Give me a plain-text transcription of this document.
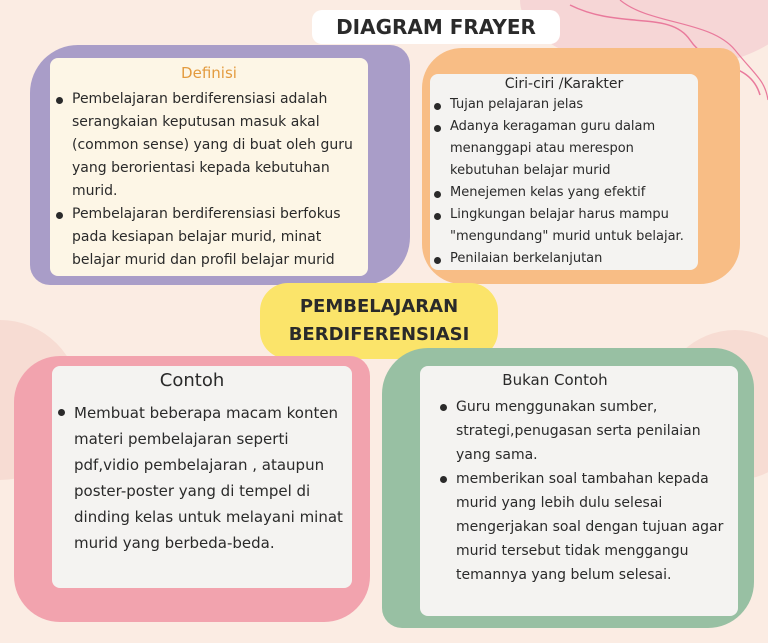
DIAGRAM FRAYER
Definisi
Pembelajaran berdiferensiasi adalah serangkaian keputusan masuk akal (common sense) yang di buat oleh guru yang berorientasi kepada kebutuhan murid.
Pembelajaran berdiferensiasi berfokus pada kesiapan belajar murid, minat belajar murid dan profil belajar murid
Ciri-ciri /Karakter
Tujan pelajaran jelas
Adanya keragaman guru dalam menanggapi atau merespon kebutuhan belajar murid
Menejemen kelas yang efektif
Lingkungan belajar harus mampu "mengundang" murid untuk belajar.
Penilaian berkelanjutan
PEMBELAJARAN
BERDIFERENSIASI
Contoh
Membuat beberapa macam konten materi pembelajaran seperti pdf,vidio pembelajaran , ataupun poster-poster yang di tempel di dinding kelas untuk melayani minat murid yang berbeda-beda.
Bukan Contoh
Guru menggunakan sumber, strategi,penugasan serta penilaian yang sama.
memberikan soal tambahan kepada murid yang lebih dulu selesai mengerjakan soal dengan tujuan agar murid tersebut tidak menggangu temannya yang belum selesai.
